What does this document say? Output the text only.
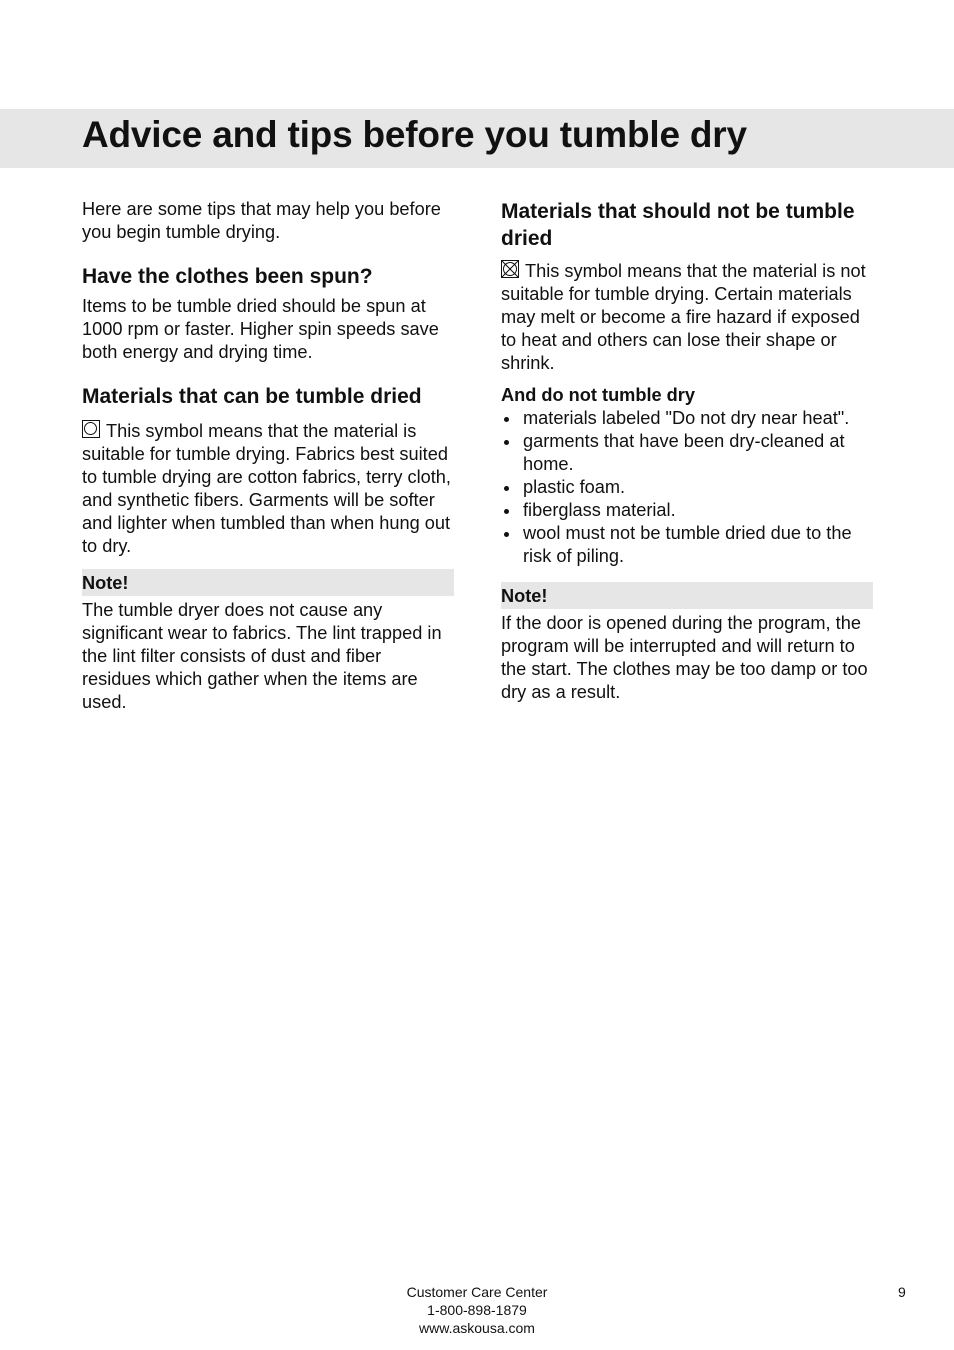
Advice and tips before you tumble dry

Here are some tips that may help you before you begin tumble drying.

Have the clothes been spun?

Items to be tumble dried should be spun at 1000 rpm or faster. Higher spin speeds save both energy and drying time.

Materials that can be tumble dried

This symbol means that the material is suitable for tumble drying. Fabrics best suited to tumble drying are cotton fabrics, terry cloth, and synthetic fibers. Garments will be softer and lighter when tumbled than when hung out to dry.

Note!

The tumble dryer does not cause any significant wear to fabrics. The lint trapped in the lint filter consists of dust and fiber residues which gather when the items are used.

Materials that should not be tumble dried

This symbol means that the material is not suitable for tumble drying. Certain materials may melt or become a fire hazard if exposed to heat and others can lose their shape or shrink.

And do not tumble dry
materials labeled "Do not dry near heat".
garments that have been dry-cleaned at home.
plastic foam.
fiberglass material.
wool must not be tumble dried due to the risk of piling.
Note!

If the door is opened during the program, the program will be interrupted and will return to the start. The clothes may be too damp or too dry as a result.

Customer Care Center
1-800-898-1879
www.askousa.com
9
